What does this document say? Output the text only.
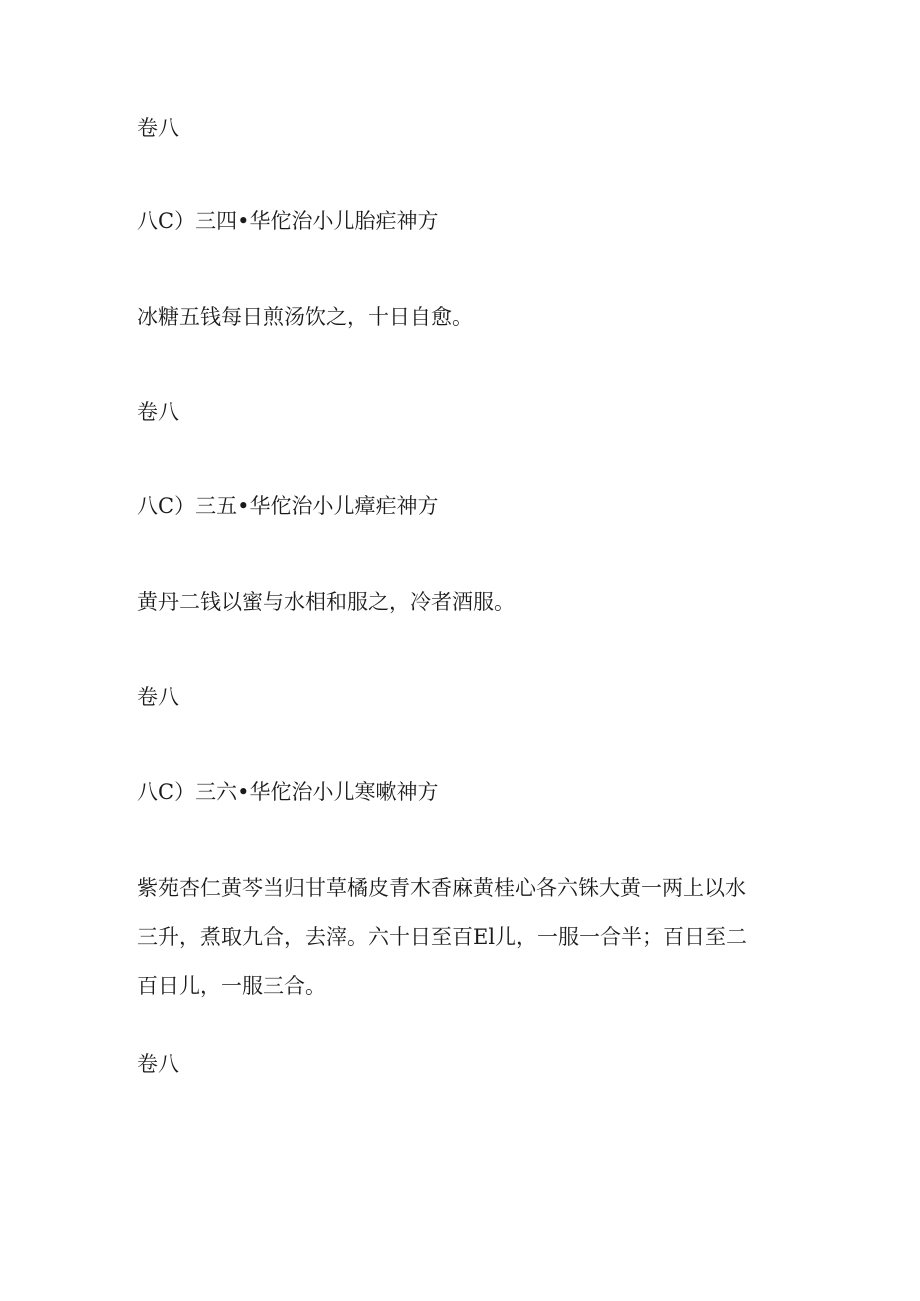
卷八
八C）三四•华佗治小儿胎疟神方
冰糖五钱每日煎汤饮之，十日自愈。
卷八
八C）三五•华佗治小儿瘴疟神方
黄丹二钱以蜜与水相和服之，冷者酒服。
卷八
八C）三六•华佗治小儿寒嗽神方
紫苑杏仁黄芩当归甘草橘皮青木香麻黄桂心各六铢大黄一两上以水
三升，煮取九合，去滓。六十日至百El儿，一服一合半；百日至二
百日儿，一服三合。
卷八
